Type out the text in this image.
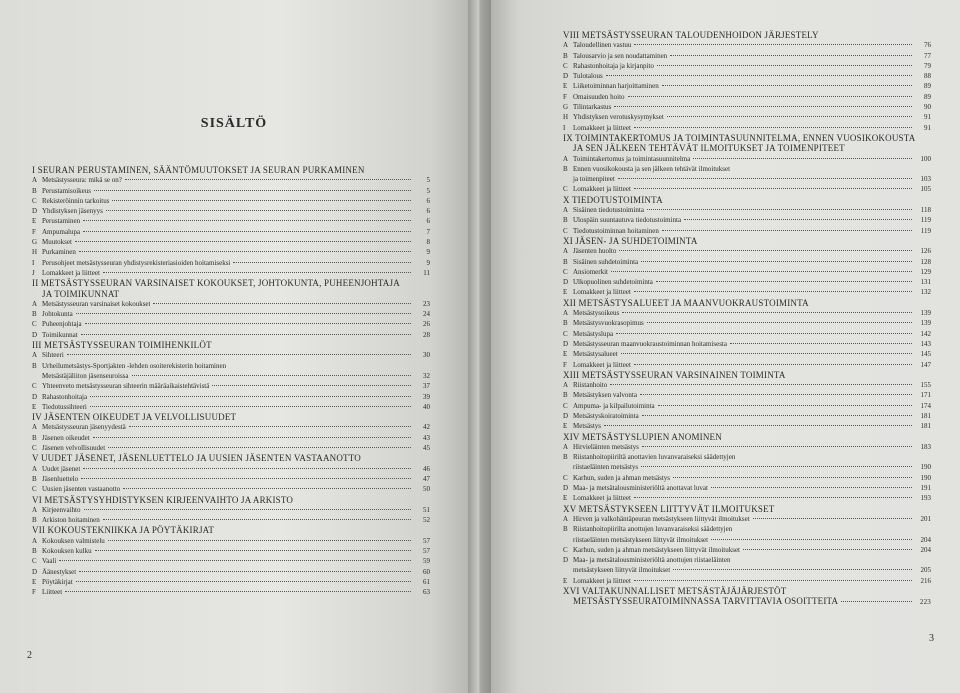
SISÄLTÖ
I SEURAN PERUSTAMINEN, SÄÄNTÖMUUTOKSET JA SEURAN PURKAMINEN
A Metsästysseura: mikä se on?	5
B Perustamisoikeus	5
C Rekisteröinnin tarkoitus	6
D Yhdistyksen jäsenyys	6
E Perustaminen	6
F Ampumalupa	7
G Muutokset	8
H Purkaminen	9
I	Perusohjeet metsästysseuran yhdistysrekisteriasioiden hoitamiseksi	9
J	Lomakkeet ja liitteet	11
II METSÄSTYSSEURAN VARSINAISET KOKOUKSET, JOHTOKUNTA, PUHEENJOHTAJA
JA TOIMIKUNNAT
A Metsästysseuran varsinaiset kokoukset	23
B Johtokunta	24
C Puheenjohtaja	26
D Toimikunnat	28
III METSÄSTYSSEURAN TOIMIHENKILÖT
A Sihteeri	30
B Urheilumetsästys-Sportjakten -lehden osoiterekisterin hoitaminen
Metsästäjäliiton jäsenseuroissa	32
C Yhteenveto metsästysseuran sihteerin määräaikaistehtävistä	37
D Rahastonhoitaja	39
E Tiedotussihteeri	40
IV JÄSENTEN OIKEUDET JA VELVOLLISUUDET
A Metsästysseuran jäsenyydestä	42
B Jäsenen oikeudet	43
C Jäsenen velvollisuudet	45
V UUDET JÄSENET, JÄSENLUETTELO JA UUSIEN JÄSENTEN VASTAANOTTO
A Uudet jäsenet	46
B Jäsenluettelo	47
C Uusien jäsenten vastaanotto	50
VI METSÄSTYSYHDISTYKSEN KIRJEENVAIHTO JA ARKISTO
A Kirjeenvaihto	51
B Arkiston hoitaminen	52
VII KOKOUSTEKNIIKKA JA PÖYTÄKIRJAT
A Kokouksen valmistelu	57
B Kokouksen kulku	57
C Vaali	59
D Äänestykset	60
E Pöytäkirjat	61
F Liitteet	63
2
VIII METSÄSTYSSEURAN TALOUDENHOIDON JÄRJESTELY
A Taloudellinen vastuu	76
B Talousarvio ja sen noudattaminen	77
C Rahastonhoitaja ja kirjanpito	79
D Tulotalous	88
E Liiketoiminnan harjoittaminen	89
F Omaisuuden hoito	89
G Tilintarkastus	90
H Yhdistyksen verotuskysymykset	91
I	Lomakkeet ja liitteet	91
IX TOIMINTAKERTOMUS JA TOIMINTASUUNNITELMA, ENNEN VUOSIKOKOUSTA
JA SEN JÄLKEEN TEHTÄVÄT ILMOITUKSET JA TOIMENPITEET
A Toimintakertomus ja toimintasuunnitelma	100
B Ennen vuosikokousta ja sen jälkeen tehtävät ilmoitukset
ja toimenpiteet	103
C Lomakkeet ja liitteet	105
X TIEDOTUSTOIMINTA
A Sisäinen tiedotustoiminta	118
B Ulospäin suuntautuva tiedotustoiminta	119
C Tiedotustoiminnan hoitaminen	119
XI JÄSEN- JA SUHDETOIMINTA
A Jäsenten huolto	126
B Sisäinen suhdetoiminta	128
C Ansiomerkit	129
D Ulkopuolinen suhdetoiminta	131
E Lomakkeet ja liitteet	132
XII METSÄSTYSALUEET JA MAANVUOKRAUSTOIMINTA
A Metsästysoikeus	139
B Metsästysvuokrasopimus	139
C Metsästyslupa	142
D Metsästysseuran maanvuokraustoiminnan hoitamisesta	143
E Metsästysalueet	145
F Lomakkeet ja liitteet	147
XIII METSÄSTYSSEURAN VARSINAINEN TOIMINTA
A Riistanhoito	155
B Metsästyksen valvonta	171
C Ampuma- ja kilpailutoiminta	174
D Metsästyskoiratoiminta	181
E Metsästys	181
XIV METSÄSTYSLUPIEN ANOMINEN
A Hirvieläinten metsästys	183
B Riistanhoitopiiriltä anottavien luvanvaraiseksi säädettyjen
riistaeläinten metsästys	190
C Karhun, suden ja ahman metsästys	190
D Maa- ja metsätalousministeriöltä anottavat luvat	191
E Lomakkeet ja liitteet	193
XV METSÄSTYKSEEN LIITTYVÄT ILMOITUKSET
A Hirven ja valkohäntäpeuran metsästykseen liittyvät ilmoitukset	201
B Riistanhoitopiirilta anottujen luvanvaraiseksi säädettyjen
riistaeläinten metsästykseen liittyvät ilmoitukset	204
C Karhun, suden ja ahman metsästykseen liittyvät ilmoitukset	204
D Maa- ja metsätalousministeriöltä anottujen riistaeläinten
metsästykseen liittyvät ilmoitukset	205
E Lomakkeet ja liitteet	216
XVI VALTAKUNNALLISET METSÄSTÄJÄJÄRJESTÖT
METSÄSTYSSEURATOIMINNASSA TARVITTAVIA OSOITTEITA	223
3
